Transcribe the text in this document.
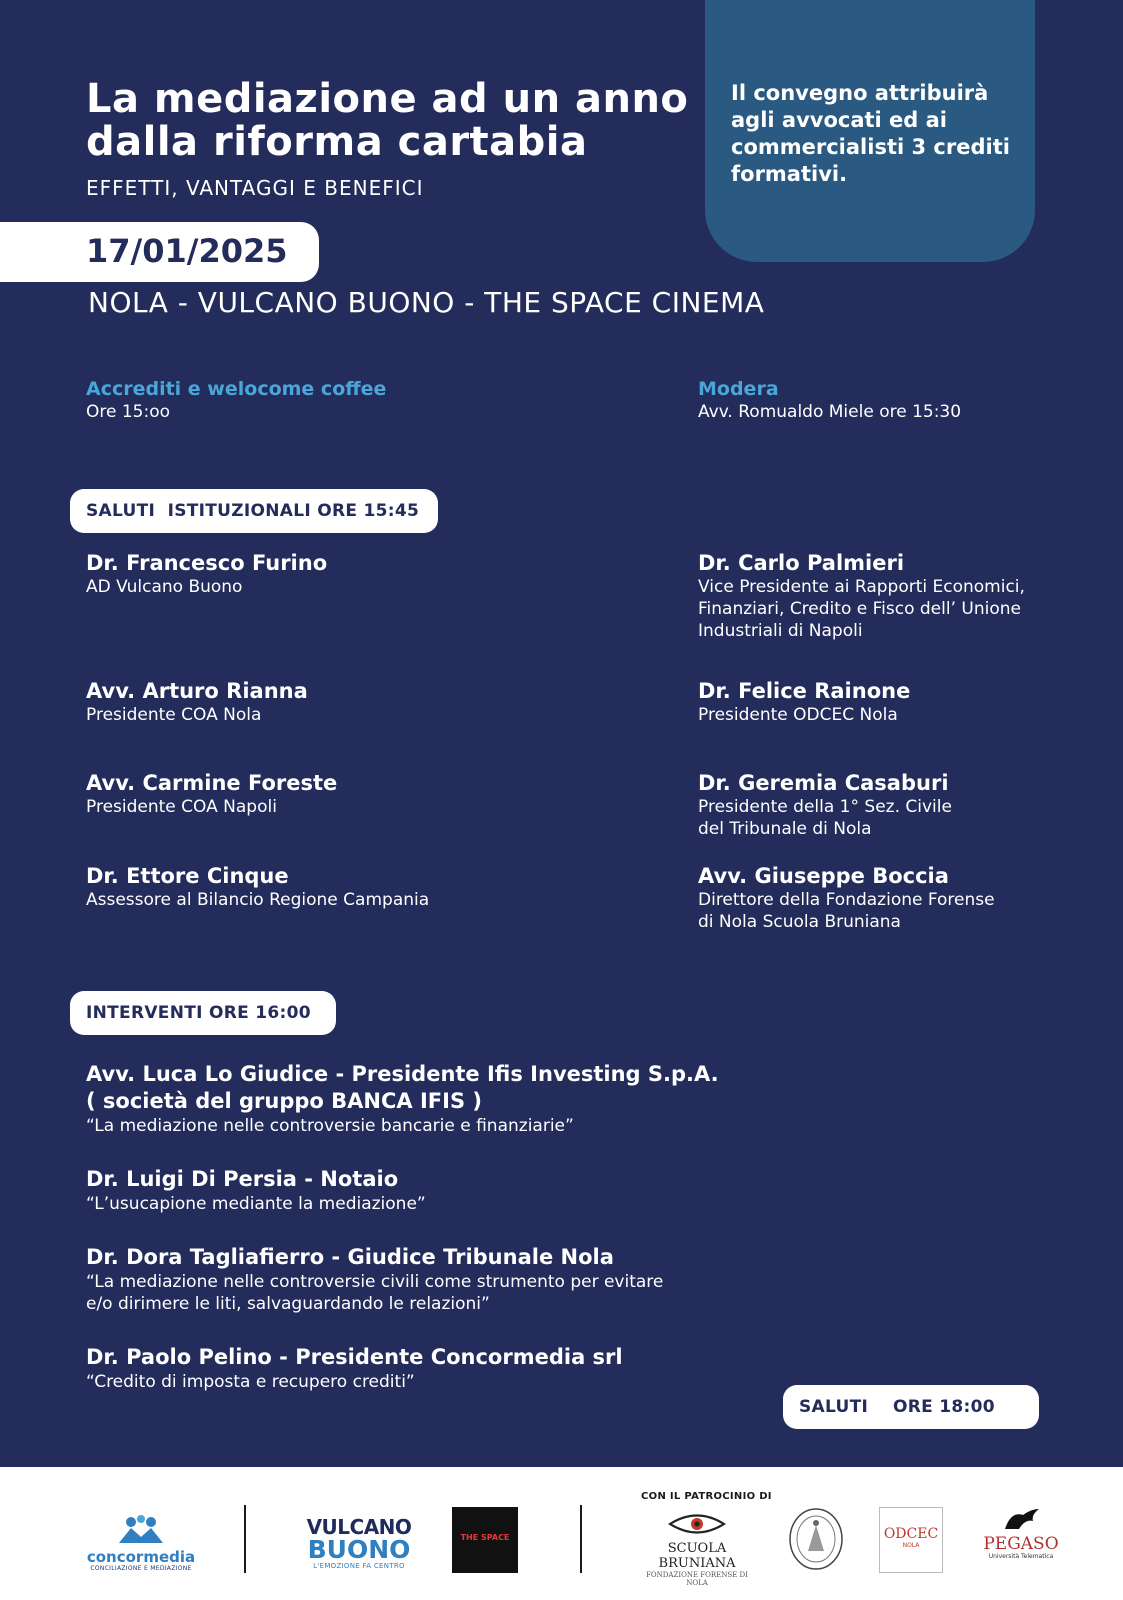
Il convegno attribuirà agli avvocati ed ai commercialisti 3 crediti formativi.
La mediazione ad un anno
dalla riforma cartabia
EFFETTI, VANTAGGI E BENEFICI
17/01/2025
NOLA - VULCANO BUONO - THE SPACE CINEMA
Accrediti e welocome coffee
Ore 15:oo
Modera
Avv. Romualdo Miele ore 15:30
SALUTI  ISTITUZIONALI ORE 15:45
Dr. Francesco Furino
AD Vulcano Buono
Avv. Arturo Rianna
Presidente COA Nola
Avv. Carmine Foreste
Presidente COA Napoli
Dr. Ettore Cinque
Assessore al Bilancio Regione Campania
Dr. Carlo Palmieri
Vice Presidente ai Rapporti Economici,
Finanziari, Credito e Fisco dell’ Unione
Industriali di Napoli
Dr. Felice Rainone
Presidente ODCEC Nola
Dr. Geremia Casaburi
Presidente della 1° Sez. Civile
del Tribunale di Nola
Avv. Giuseppe Boccia
Direttore della Fondazione Forense
di Nola Scuola Bruniana
INTERVENTI ORE 16:00
Avv. Luca Lo Giudice - Presidente Ifis Investing S.p.A.
( società del gruppo BANCA IFIS )
“La mediazione nelle controversie bancarie e finanziarie”
Dr. Luigi Di Persia - Notaio
“L’usucapione mediante la mediazione”
Dr. Dora Tagliafierro - Giudice Tribunale Nola
“La mediazione nelle controversie civili come strumento per evitare
e/o dirimere le liti, salvaguardando le relazioni”
Dr. Paolo Pelino - Presidente Concormedia srl
“Credito di imposta e recupero crediti”
SALUTI    ORE 18:00
concormedia
CONCILIAZIONE E MEDIAZIONE
VULCANO
BUONO
L'EMOZIONE FA CENTRO
THE SPACE
CON IL PATROCINIO DI
SCUOLA BRUNIANA
FONDAZIONE FORENSE DI NOLA
ODCEC
NOLA	PEGASO
Università Telematica
